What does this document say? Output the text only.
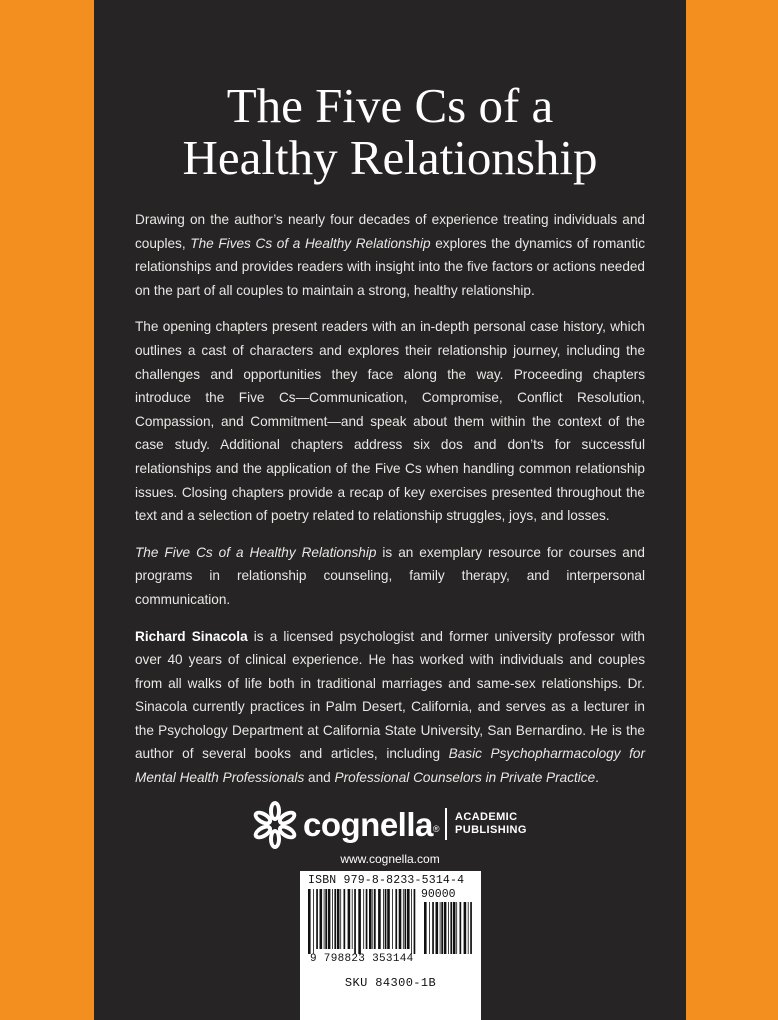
The Five Cs of a
Healthy Relationship

Drawing on the author’s nearly four decades of experience treating individuals and couples, The Fives Cs of a Healthy Relationship explores the dynamics of romantic relationships and provides readers with insight into the five factors or actions needed on the part of all couples to maintain a strong, healthy relationship.

The opening chapters present readers with an in-depth personal case history, which outlines a cast of characters and explores their relationship journey, including the challenges and opportunities they face along the way. Proceeding chapters introduce the Five Cs—Communication, Compromise, Conflict Resolution, Compassion, and Commitment—and speak about them within the context of the case study. Additional chapters address six dos and don’ts for successful relationships and the application of the Five Cs when handling common relationship issues. Closing chapters provide a recap of key exercises presented throughout the text and a selection of poetry related to relationship struggles, joys, and losses.

The Five Cs of a Healthy Relationship is an exemplary resource for courses and programs in relationship counseling, family therapy, and interpersonal communication.

Richard Sinacola is a licensed psychologist and former university professor with over 40 years of clinical experience. He has worked with individuals and couples from all walks of life both in traditional marriages and same-sex relationships. Dr. Sinacola currently practices in Palm Desert, California, and serves as a lecturer in the Psychology Department at California State University, San Bernardino. He is the author of several books and articles, including Basic Psychopharmacology for Mental Health Professionals and Professional Counselors in Private Practice.

cognella®
ACADEMIC
PUBLISHING
www.cognella.com
ISBN 979-8-8233-5314-4
90000
9 798823 353144
SKU 84300-1B
